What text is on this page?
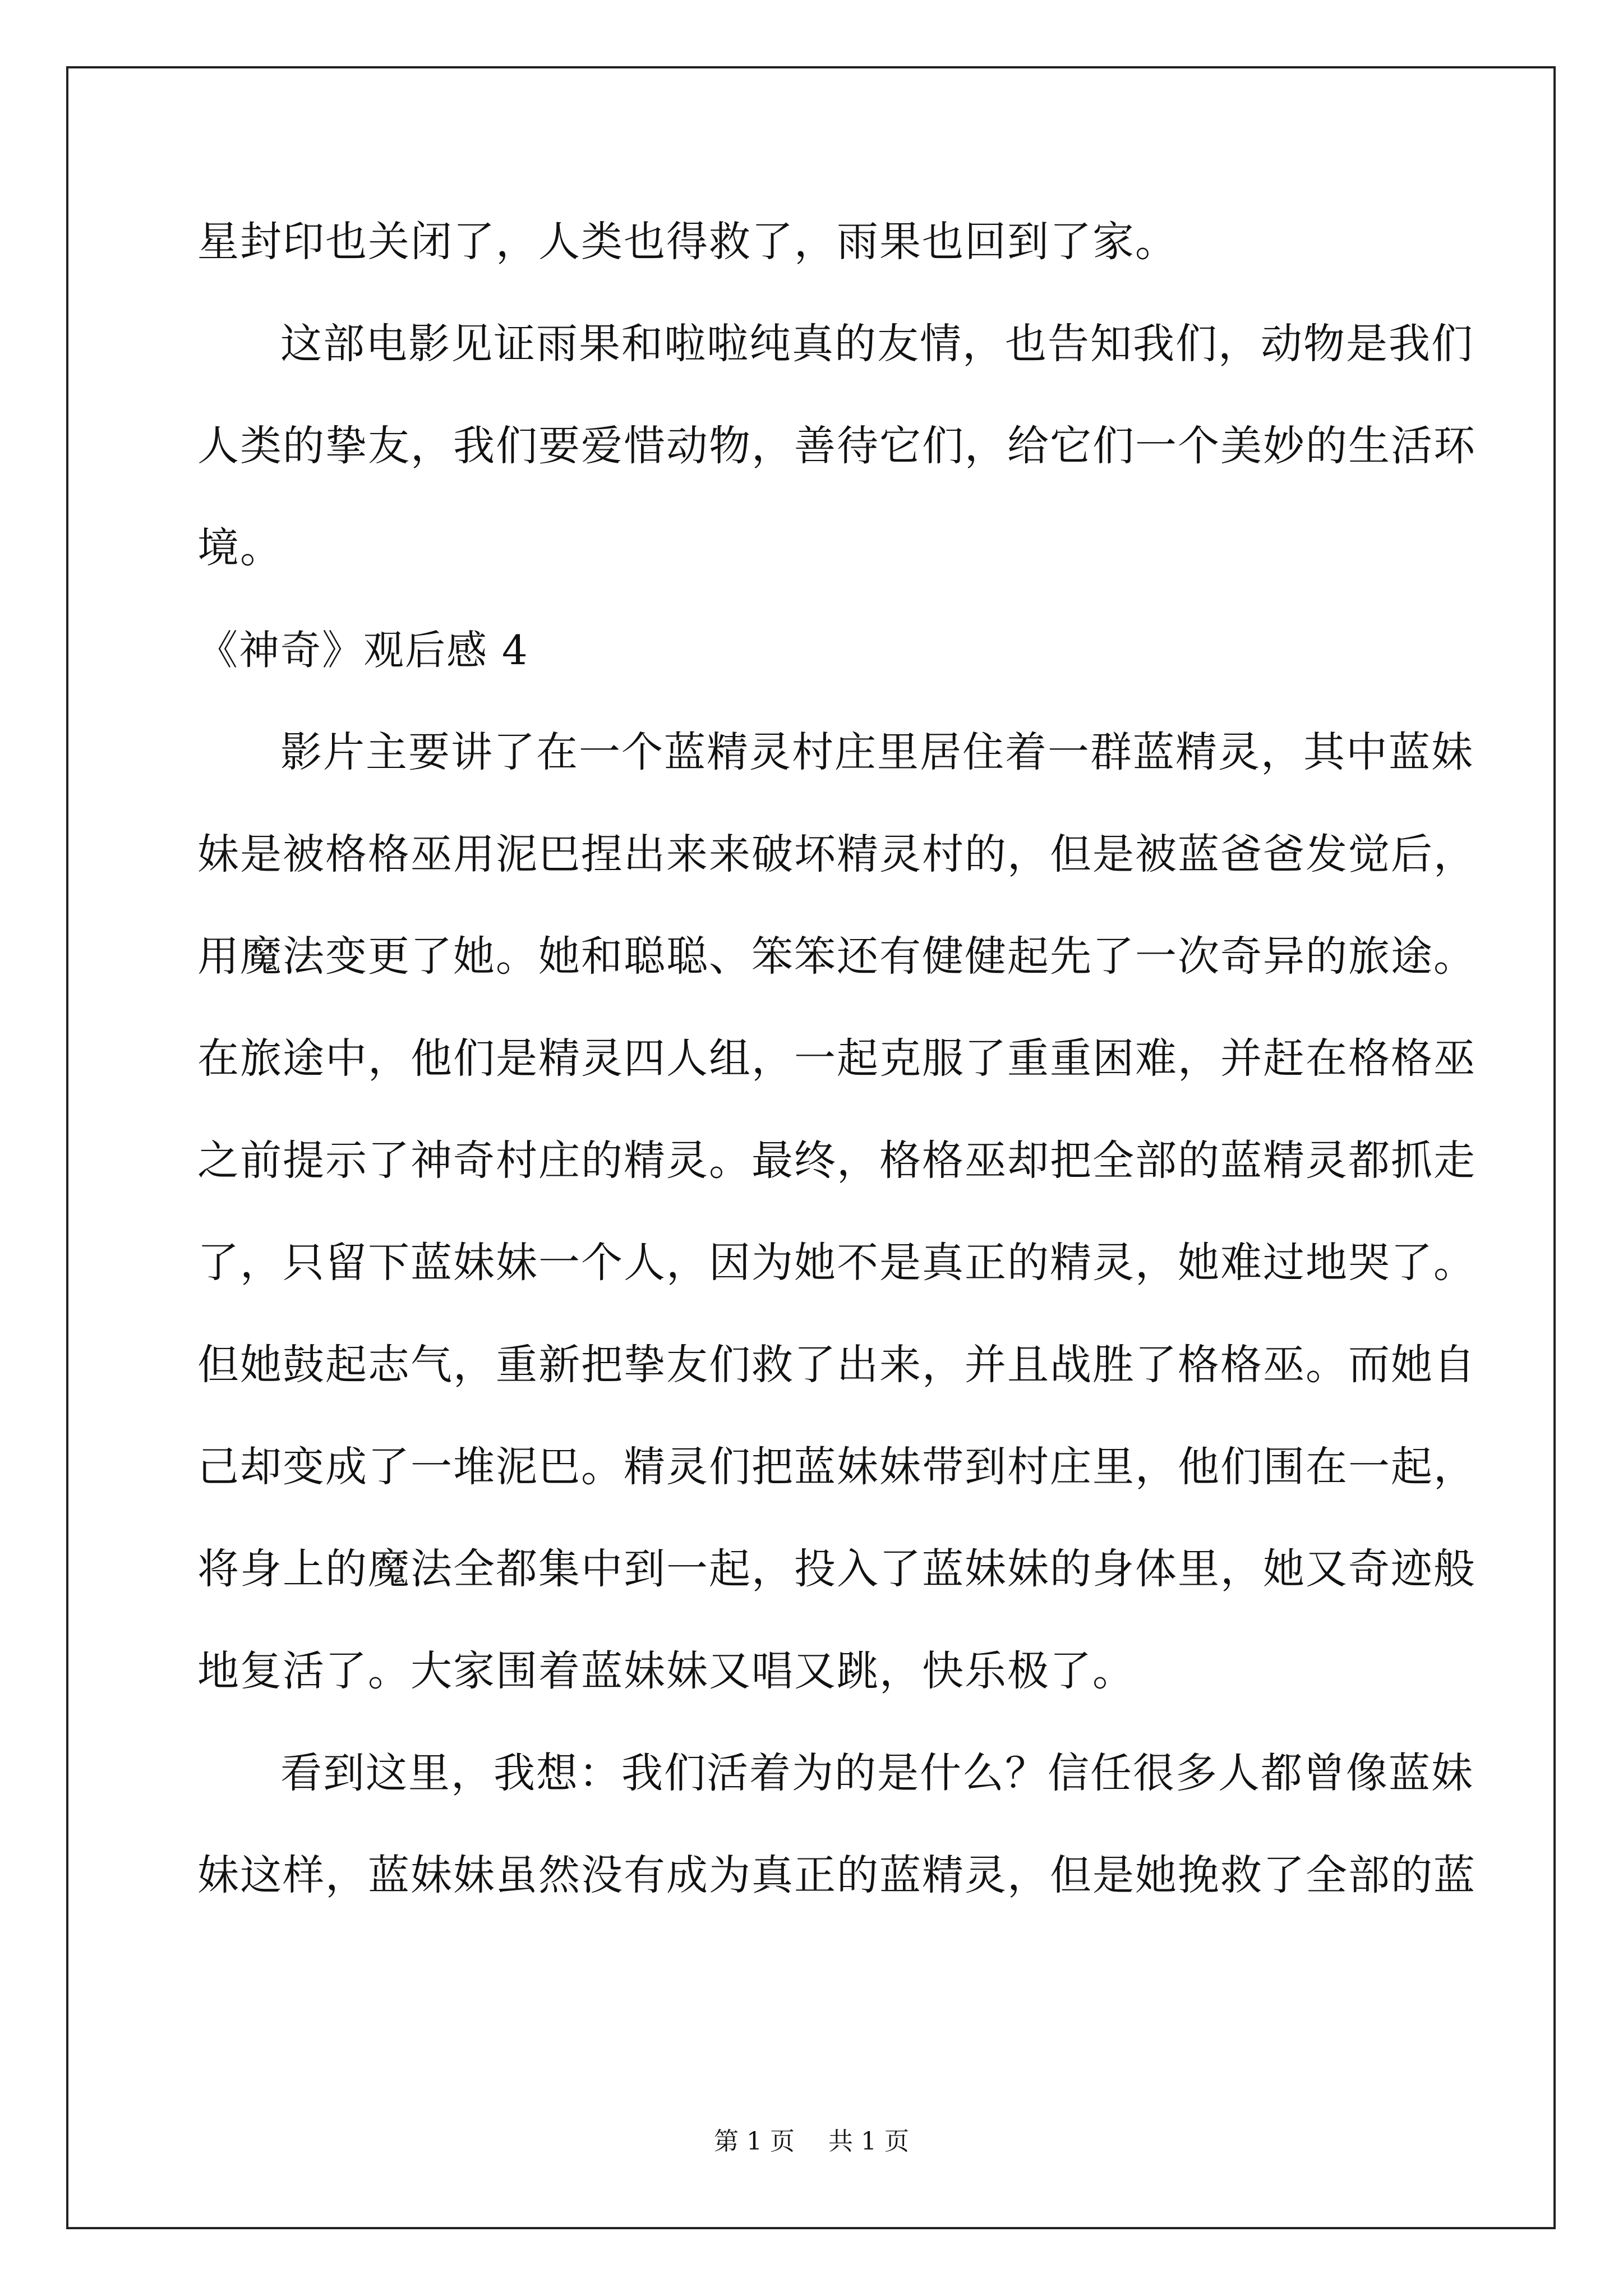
星封印也关闭了，人类也得救了，雨果也回到了家。
这部电影见证雨果和啦啦纯真的友情，也告知我们，动物是我们
人类的挚友，我们要爱惜动物，善待它们，给它们一个美妙的生活环
境。
《神奇》观后感 4
影片主要讲了在一个蓝精灵村庄里居住着一群蓝精灵，其中蓝妹
妹是被格格巫用泥巴捏出来来破坏精灵村的，但是被蓝爸爸发觉后，
用魔法变更了她。她和聪聪、笨笨还有健健起先了一次奇异的旅途。
在旅途中，他们是精灵四人组，一起克服了重重困难，并赶在格格巫
之前提示了神奇村庄的精灵。最终，格格巫却把全部的蓝精灵都抓走
了，只留下蓝妹妹一个人，因为她不是真正的精灵，她难过地哭了。
但她鼓起志气，重新把挚友们救了出来，并且战胜了格格巫。而她自
己却变成了一堆泥巴。精灵们把蓝妹妹带到村庄里，他们围在一起，
将身上的魔法全都集中到一起，投入了蓝妹妹的身体里，她又奇迹般
地复活了。大家围着蓝妹妹又唱又跳，快乐极了。
看到这里，我想：我们活着为的是什么？信任很多人都曾像蓝妹
妹这样，蓝妹妹虽然没有成为真正的蓝精灵，但是她挽救了全部的蓝
第 1 页 共 1 页
